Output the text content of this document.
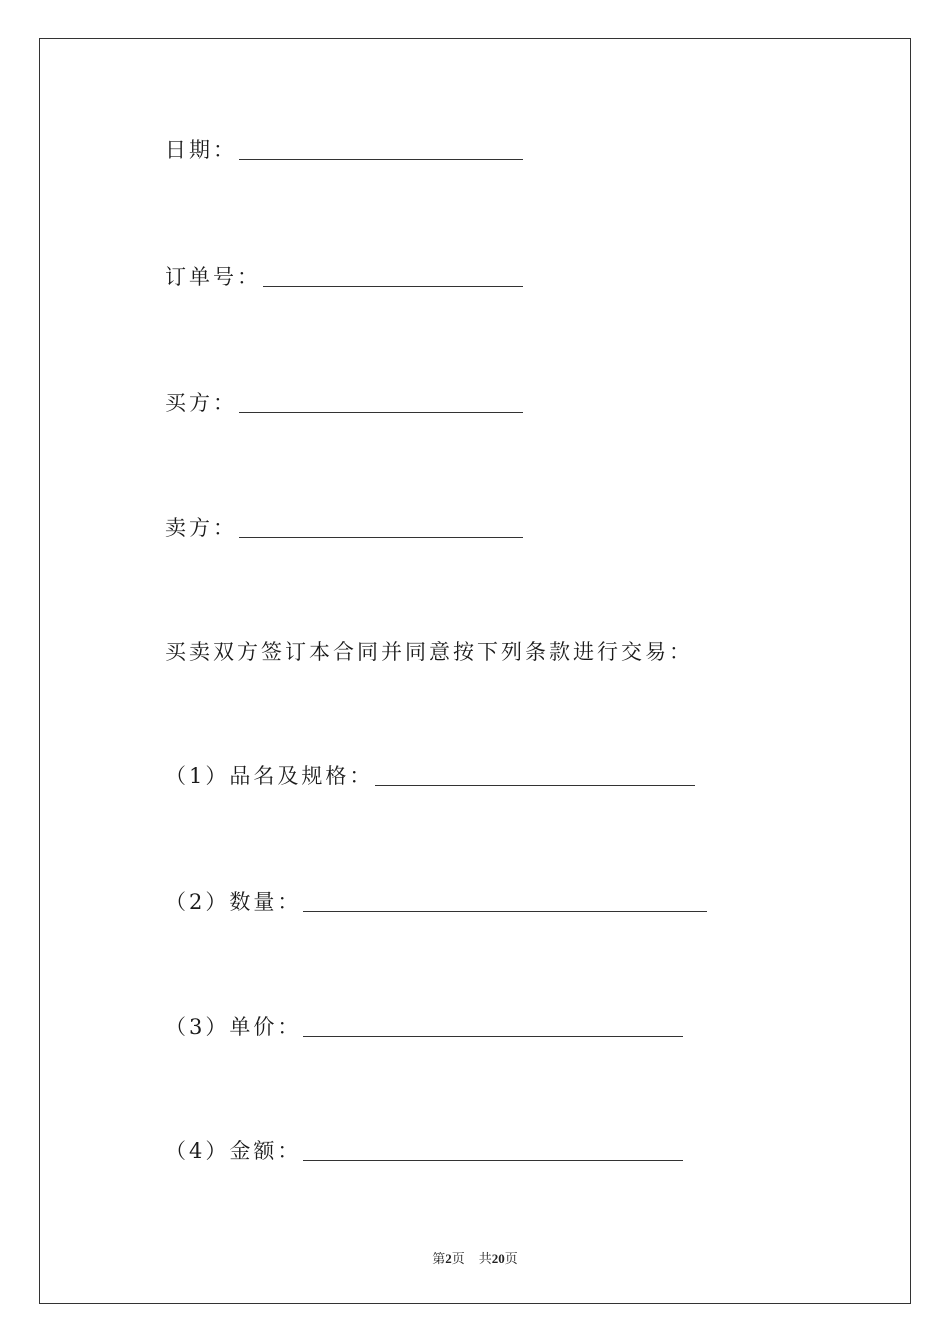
日期：
订单号：
买方：
卖方：
买卖双方签订本合同并同意按下列条款进行交易：
（1）品名及规格：
（2）数量：
（3）单价：
（4）金额：
第2页 共20页
